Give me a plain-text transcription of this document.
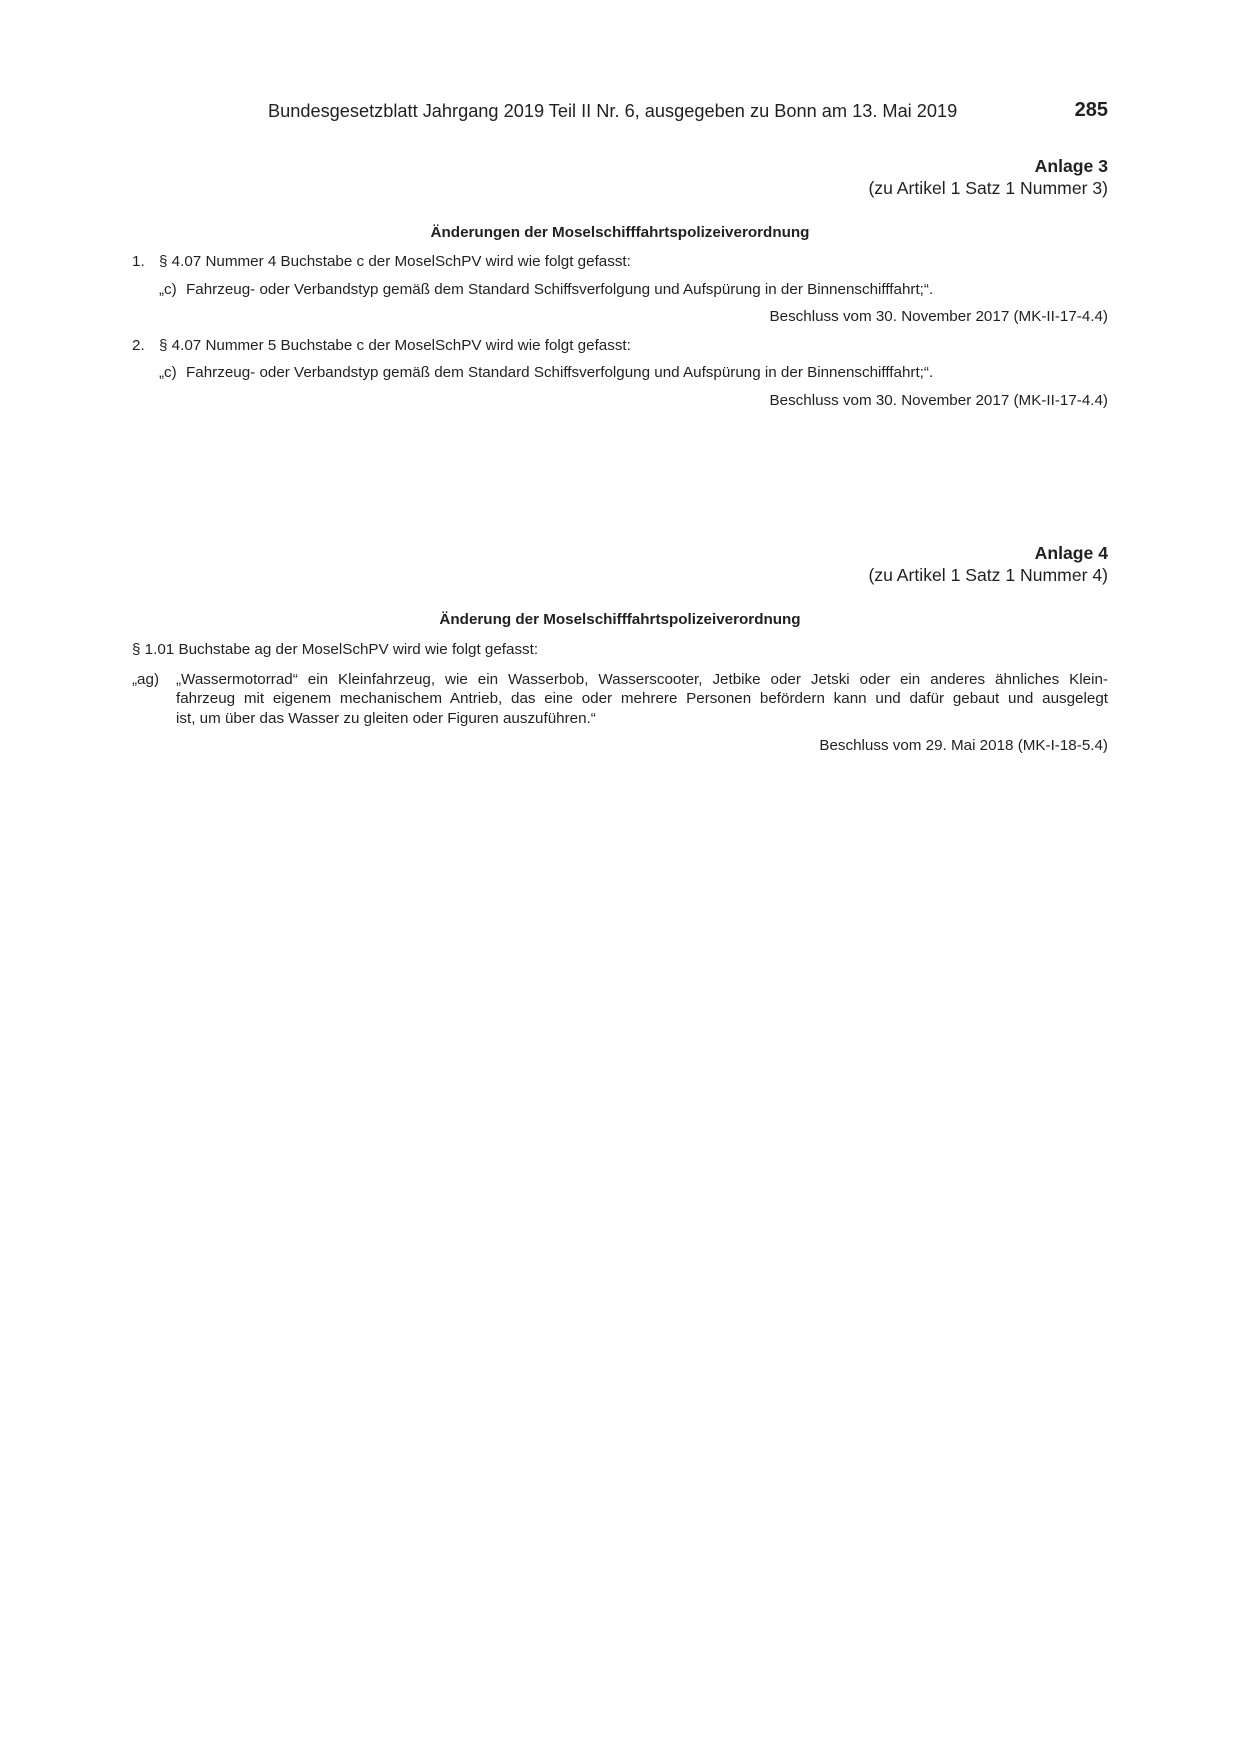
Bundesgesetzblatt Jahrgang 2019 Teil II Nr. 6, ausgegeben zu Bonn am 13. Mai 2019	285
Anlage 3
(zu Artikel 1 Satz 1 Nummer 3)
Änderungen der Moselschifffahrtspolizeiverordnung
1. § 4.07 Nummer 4 Buchstabe c der MoselSchPV wird wie folgt gefasst:
„c) Fahrzeug- oder Verbandstyp gemäß dem Standard Schiffsverfolgung und Aufspürung in der Binnenschifffahrt;“.
Beschluss vom 30. November 2017 (MK-II-17-4.4)
2. § 4.07 Nummer 5 Buchstabe c der MoselSchPV wird wie folgt gefasst:
„c) Fahrzeug- oder Verbandstyp gemäß dem Standard Schiffsverfolgung und Aufspürung in der Binnenschifffahrt;“.
Beschluss vom 30. November 2017 (MK-II-17-4.4)
Anlage 4
(zu Artikel 1 Satz 1 Nummer 4)
Änderung der Moselschifffahrtspolizeiverordnung
§ 1.01 Buchstabe ag der MoselSchPV wird wie folgt gefasst:
„ag) „Wassermotorrad“ ein Kleinfahrzeug, wie ein Wasserbob, Wasserscooter, Jetbike oder Jetski oder ein anderes ähnliches Klein-
fahrzeug mit eigenem mechanischem Antrieb, das eine oder mehrere Personen befördern kann und dafür gebaut und ausgelegt
ist, um über das Wasser zu gleiten oder Figuren auszuführen.“
Beschluss vom 29. Mai 2018 (MK-I-18-5.4)
